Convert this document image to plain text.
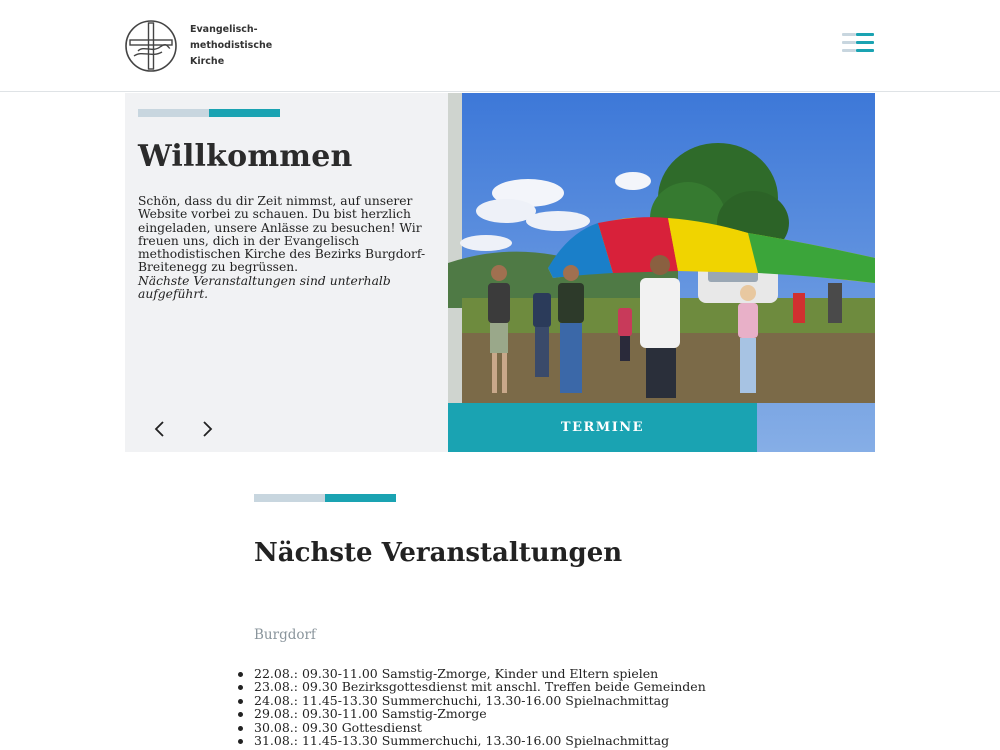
Evangelisch-
methodistische
Kirche
Willkommen
Schön, dass du dir Zeit nimmst, auf unserer Website vorbei zu schauen. Du bist herzlich eingeladen, unsere Anlässe zu besuchen! Wir freuen uns, dich in der Evangelisch methodistischen Kirche des Bezirks Burgdorf-Breitenegg zu begrüssen.
Nächste Veranstaltungen sind unterhalb aufgeführt.
TERMINE
Nächste Veranstaltungen
Burgdorf
22.08.: 09.30-11.00 Samstig-Zmorge, Kinder und Eltern spielen
23.08.: 09.30 Bezirksgottesdienst mit anschl. Treffen beide Gemeinden
24.08.: 11.45-13.30 Summerchuchi, 13.30-16.00 Spielnachmittag
29.08.: 09.30-11.00 Samstig-Zmorge
30.08.: 09.30 Gottesdienst
31.08.: 11.45-13.30 Summerchuchi, 13.30-16.00 Spielnachmittag
